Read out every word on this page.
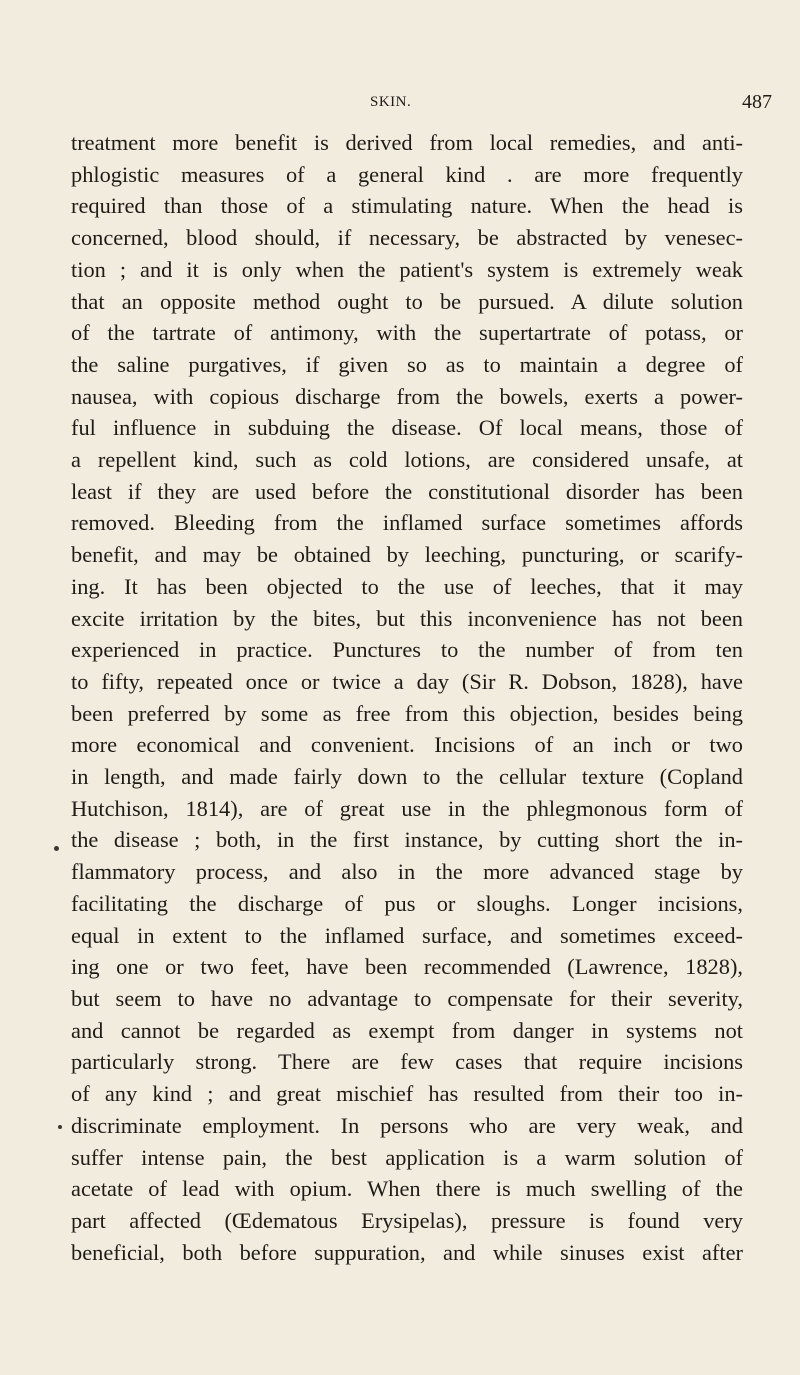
SKIN.	487
treatment more benefit is derived from local remedies, and anti-
phlogistic measures of a general kind . are more frequently
required than those of a stimulating nature. When the head is
concerned, blood should, if necessary, be abstracted by venesec-
tion ; and it is only when the patient's system is extremely weak
that an opposite method ought to be pursued. A dilute solution
of the tartrate of antimony, with the supertartrate of potass, or
the saline purgatives, if given so as to maintain a degree of
nausea, with copious discharge from the bowels, exerts a power-
ful influence in subduing the disease. Of local means, those of
a repellent kind, such as cold lotions, are considered unsafe, at
least if they are used before the constitutional disorder has been
removed. Bleeding from the inflamed surface sometimes affords
benefit, and may be obtained by leeching, puncturing, or scarify-
ing. It has been objected to the use of leeches, that it may
excite irritation by the bites, but this inconvenience has not been
experienced in practice. Punctures to the number of from ten
to fifty, repeated once or twice a day (Sir R. Dobson, 1828), have
been preferred by some as free from this objection, besides being
more economical and convenient. Incisions of an inch or two
in length, and made fairly down to the cellular texture (Copland
Hutchison, 1814), are of great use in the phlegmonous form of
the disease ; both, in the first instance, by cutting short the in-
flammatory process, and also in the more advanced stage by
facilitating the discharge of pus or sloughs. Longer incisions,
equal in extent to the inflamed surface, and sometimes exceed-
ing one or two feet, have been recommended (Lawrence, 1828),
but seem to have no advantage to compensate for their severity,
and cannot be regarded as exempt from danger in systems not
particularly strong. There are few cases that require incisions
of any kind ; and great mischief has resulted from their too in-
discriminate employment. In persons who are very weak, and
suffer intense pain, the best application is a warm solution of
acetate of lead with opium. When there is much swelling of the
part affected (Œdematous Erysipelas), pressure is found very
beneficial, both before suppuration, and while sinuses exist after
